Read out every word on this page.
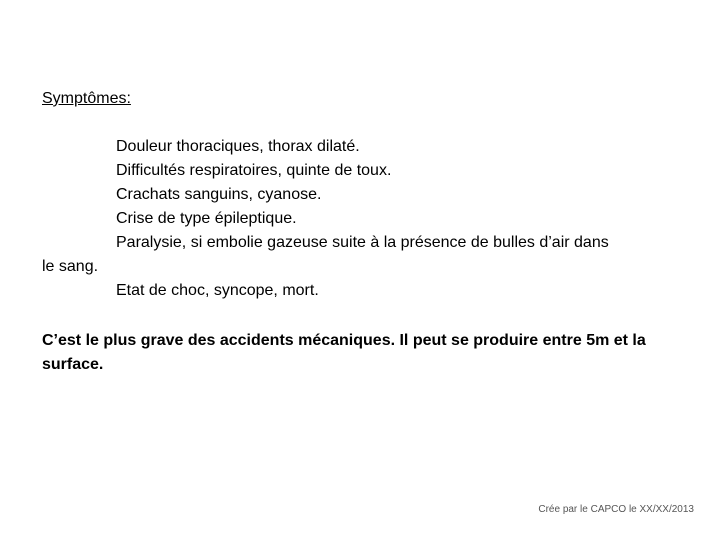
Symptômes:
Douleur thoraciques, thorax dilaté.
Difficultés respiratoires, quinte de toux.
Crachats sanguins, cyanose.
Crise de type épileptique.
Paralysie, si embolie gazeuse suite à la présence de bulles d’air dans
le sang.
Etat de choc, syncope, mort.
C’est le plus grave des accidents mécaniques. Il peut se produire entre 5m et la surface.
Crée par le CAPCO le XX/XX/2013
